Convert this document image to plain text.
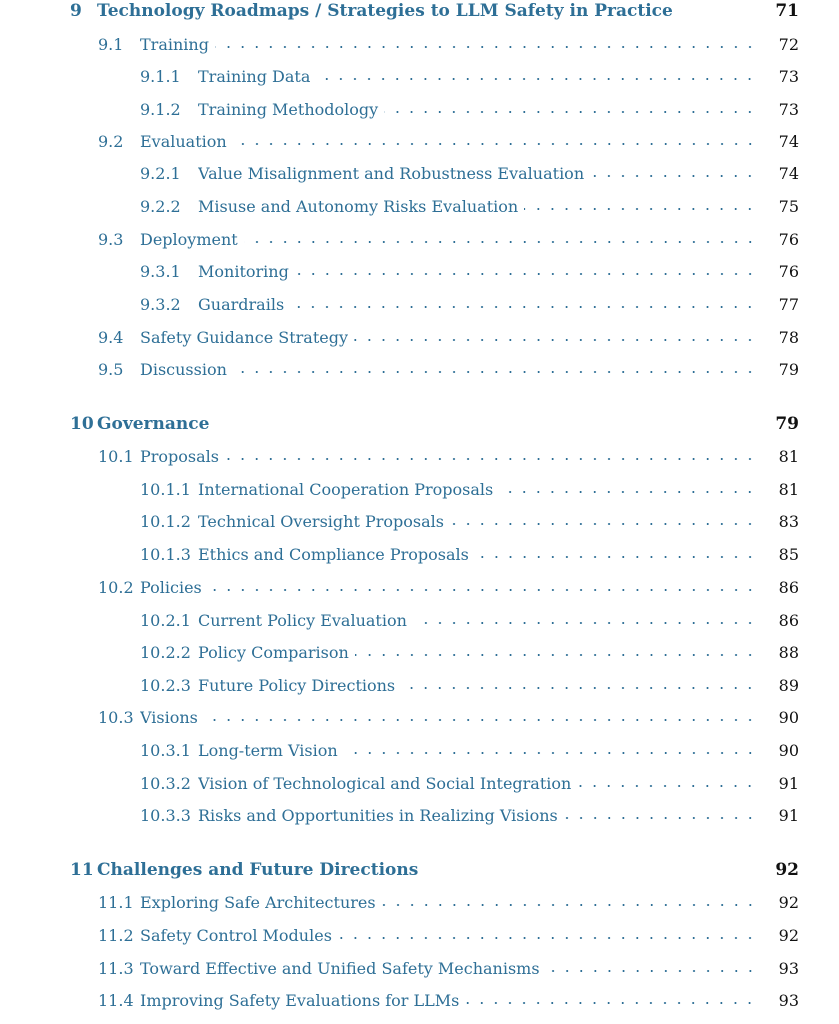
9 Technology Roadmaps / Strategies to LLM Safety in Practice	71
9.1 Training	72
9.1.1 Training Data	73
9.1.2 Training Methodology	73
9.2 Evaluation	74
9.2.1 Value Misalignment and Robustness Evaluation	74
9.2.2 Misuse and Autonomy Risks Evaluation	75
9.3 Deployment	76
9.3.1 Monitoring	76
9.3.2 Guardrails	77
9.4 Safety Guidance Strategy	78
9.5 Discussion	79
10 Governance	79
10.1 Proposals	81
10.1.1 International Cooperation Proposals	81
10.1.2 Technical Oversight Proposals	83
10.1.3 Ethics and Compliance Proposals	85
10.2 Policies	86
10.2.1 Current Policy Evaluation	86
10.2.2 Policy Comparison	88
10.2.3 Future Policy Directions	89
10.3 Visions	90
10.3.1 Long-term Vision	90
10.3.2 Vision of Technological and Social Integration	91
10.3.3 Risks and Opportunities in Realizing Visions	91
11 Challenges and Future Directions	92
11.1 Exploring Safe Architectures	92
11.2 Safety Control Modules	92
11.3 Toward Effective and Unified Safety Mechanisms	93
11.4 Improving Safety Evaluations for LLMs	93
